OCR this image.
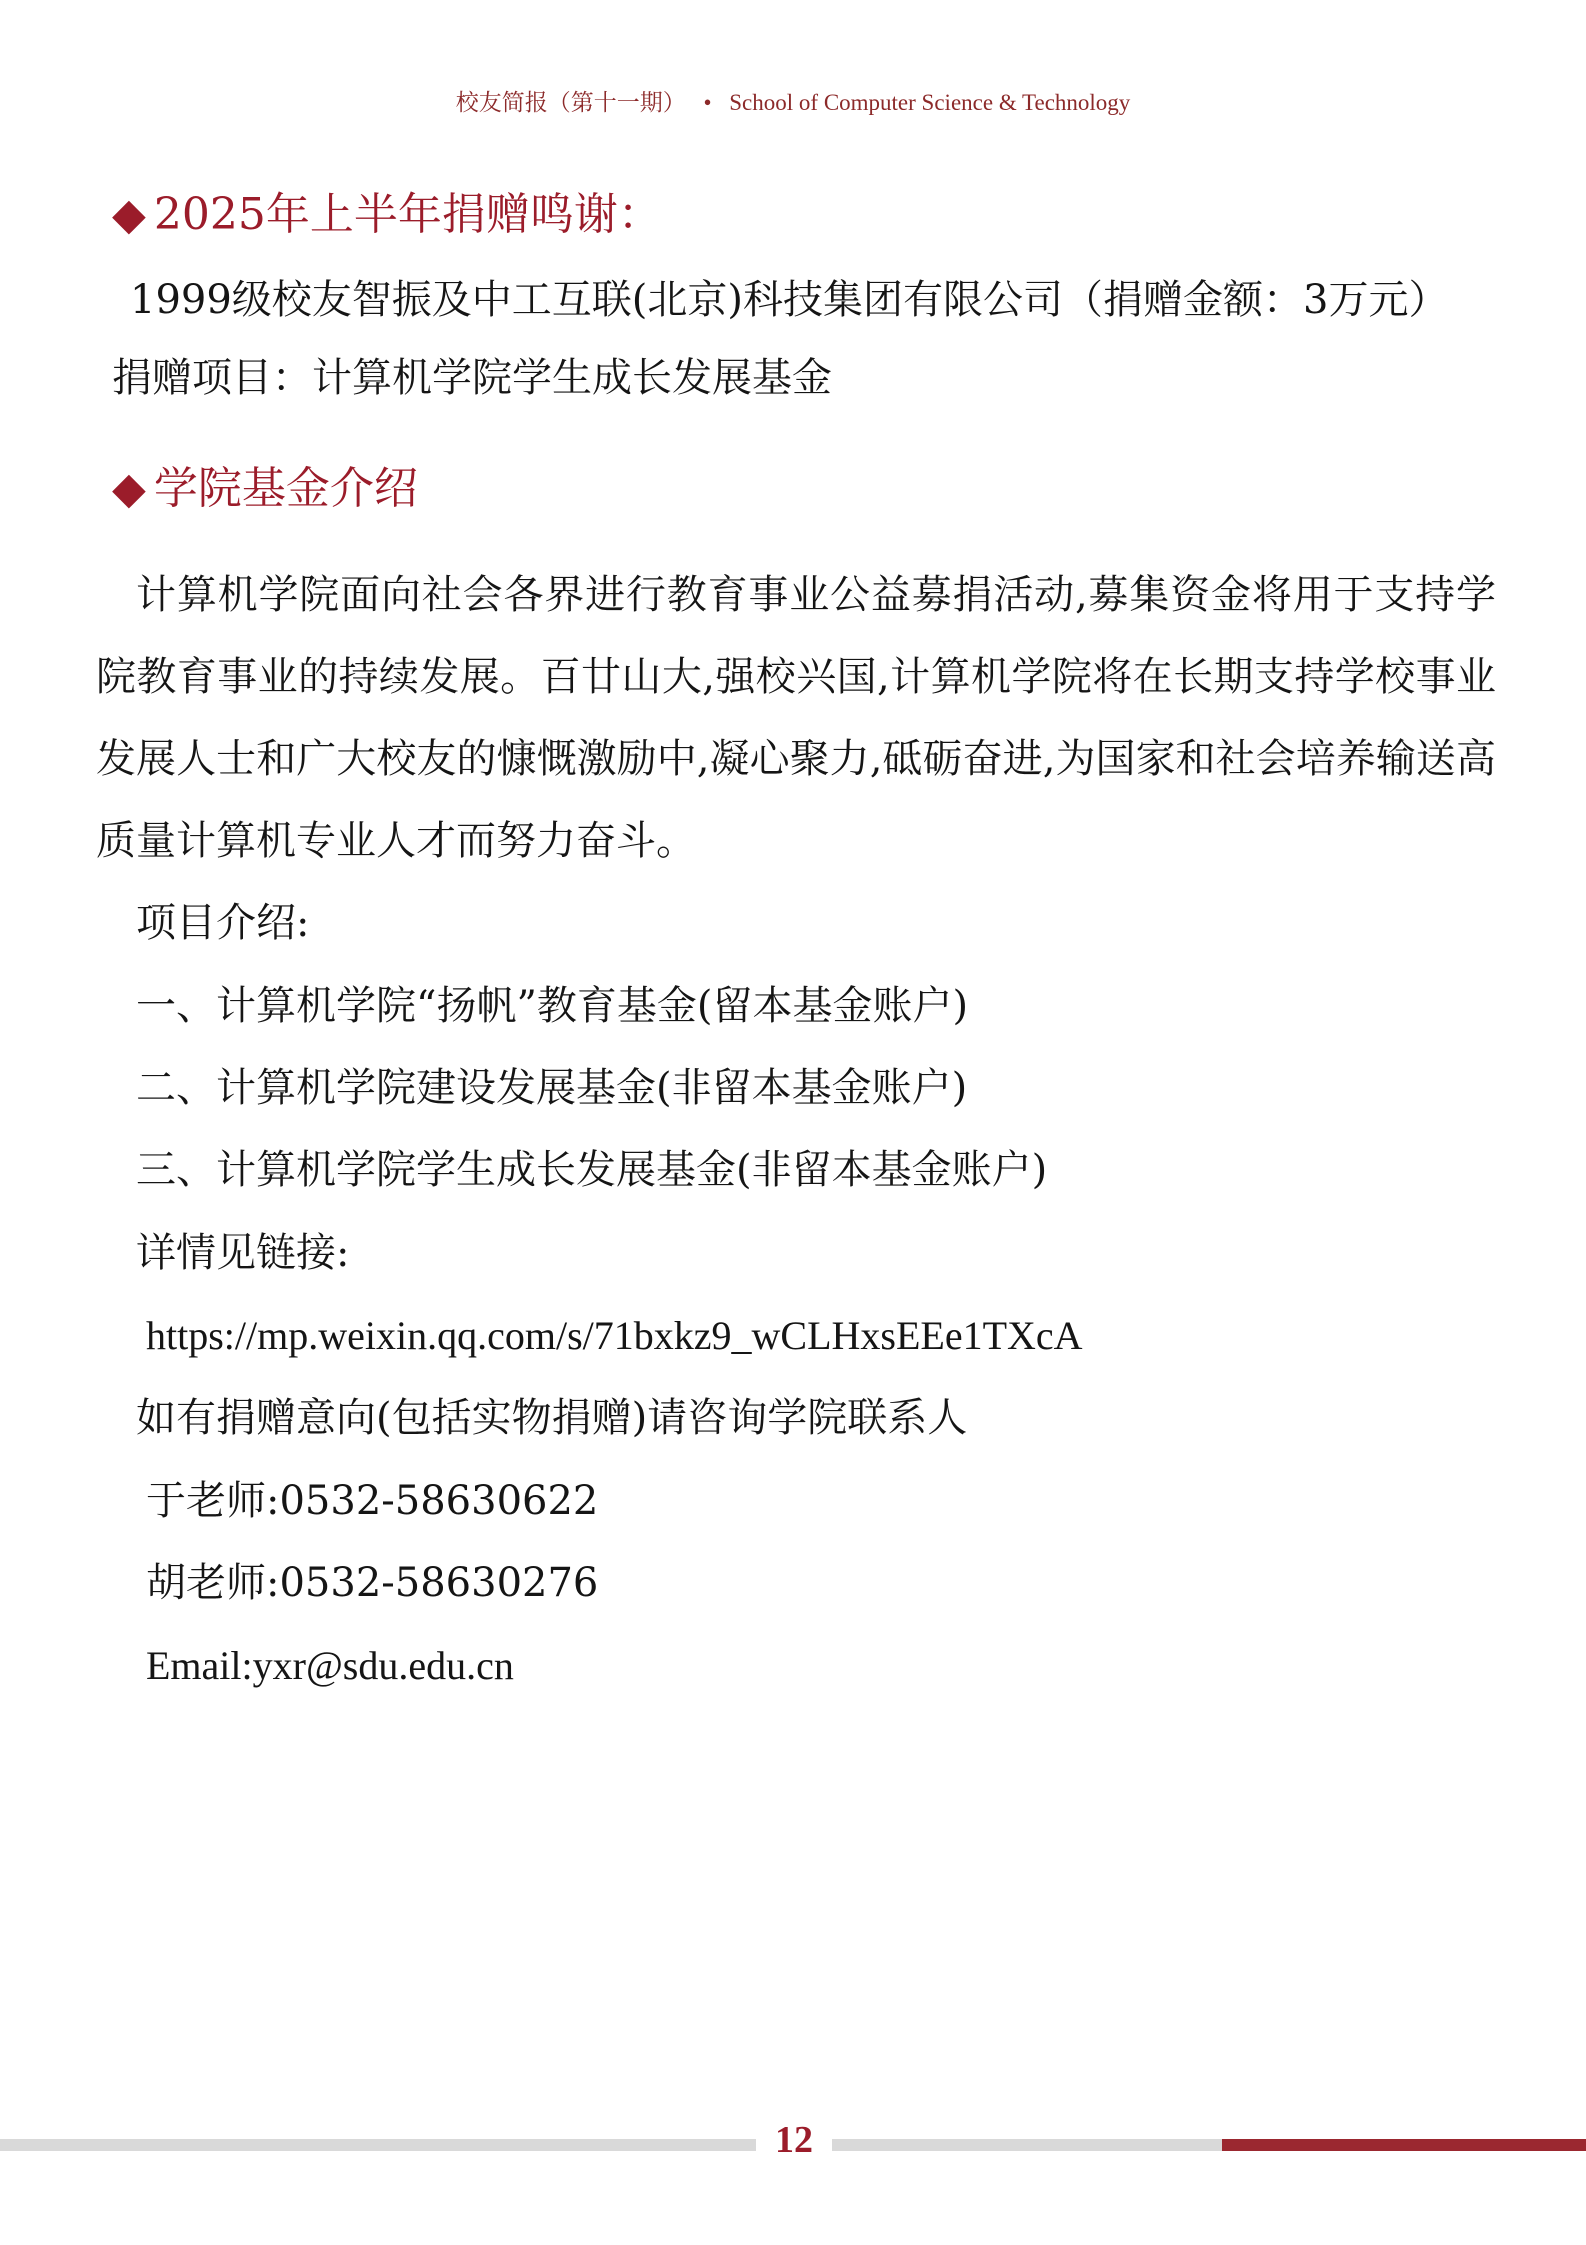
校友简报（第十一期） • School of Computer Science & Technology
◆ 2025年上半年捐赠鸣谢：
1999级校友智振及中工互联(北京)科技集团有限公司（捐赠金额：3万元）
捐赠项目：计算机学院学生成长发展基金
◆ 学院基金介绍
计算机学院面向社会各界进行教育事业公益募捐活动,募集资金将用于支持学院教育事业的持续发展。百廿山大,强校兴国,计算机学院将在长期支持学校事业发展人士和广大校友的慷慨激励中,凝心聚力,砥砺奋进,为国家和社会培养输送高质量计算机专业人才而努力奋斗。
项目介绍:
一、计算机学院“扬帆”教育基金(留本基金账户)
二、计算机学院建设发展基金(非留本基金账户)
三、计算机学院学生成长发展基金(非留本基金账户)
详情见链接:
https://mp.weixin.qq.com/s/71bxkz9_wCLHxsEEe1TXcA
如有捐赠意向(包括实物捐赠)请咨询学院联系人
于老师:0532-58630622
胡老师:0532-58630276
Email:yxr@sdu.edu.cn
12
